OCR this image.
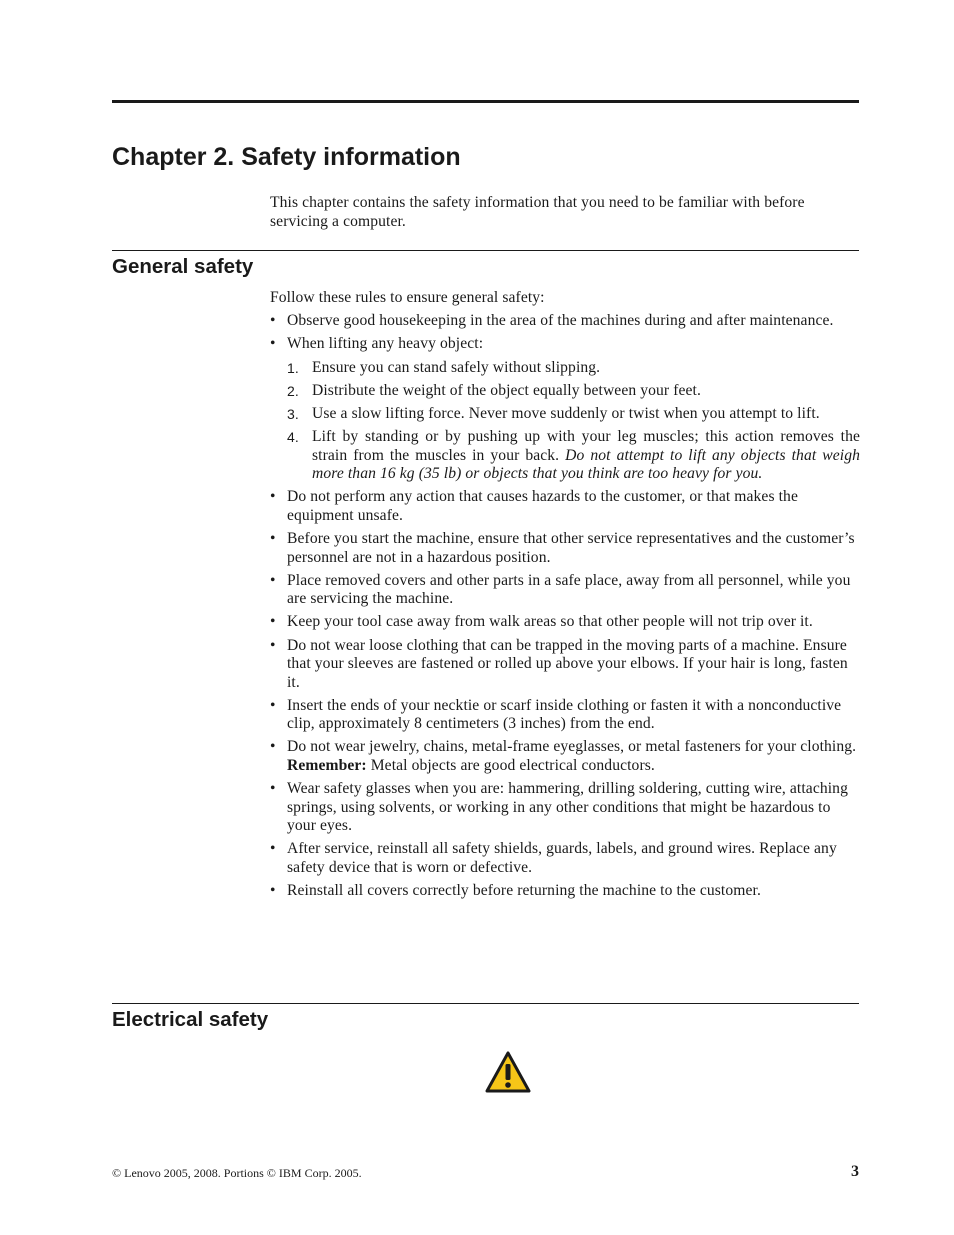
Chapter 2. Safety information

This chapter contains the safety information that you need to be familiar with before servicing a computer.

General safety

Follow these rules to ensure general safety:

• Observe good housekeeping in the area of the machines during and after maintenance.
• When lifting any heavy object:
1. Ensure you can stand safely without slipping.
2. Distribute the weight of the object equally between your feet.
3. Use a slow lifting force. Never move suddenly or twist when you attempt to lift.
4. Lift by standing or by pushing up with your leg muscles; this action removes the strain from the muscles in your back. Do not attempt to lift any objects that weigh more than 16 kg (35 lb) or objects that you think are too heavy for you.
• Do not perform any action that causes hazards to the customer, or that makes the equipment unsafe.
• Before you start the machine, ensure that other service representatives and the customer’s personnel are not in a hazardous position.
• Place removed covers and other parts in a safe place, away from all personnel, while you are servicing the machine.
• Keep your tool case away from walk areas so that other people will not trip over it.
• Do not wear loose clothing that can be trapped in the moving parts of a machine. Ensure that your sleeves are fastened or rolled up above your elbows. If your hair is long, fasten it.
• Insert the ends of your necktie or scarf inside clothing or fasten it with a nonconductive clip, approximately 8 centimeters (3 inches) from the end.
• Do not wear jewelry, chains, metal-frame eyeglasses, or metal fasteners for your clothing.

Remember: Metal objects are good electrical conductors.

• Wear safety glasses when you are: hammering, drilling soldering, cutting wire, attaching springs, using solvents, or working in any other conditions that might be hazardous to your eyes.
• After service, reinstall all safety shields, guards, labels, and ground wires. Replace any safety device that is worn or defective.
• Reinstall all covers correctly before returning the machine to the customer.
Electrical safety
© Lenovo 2005, 2008. Portions © IBM Corp. 2005.	3
